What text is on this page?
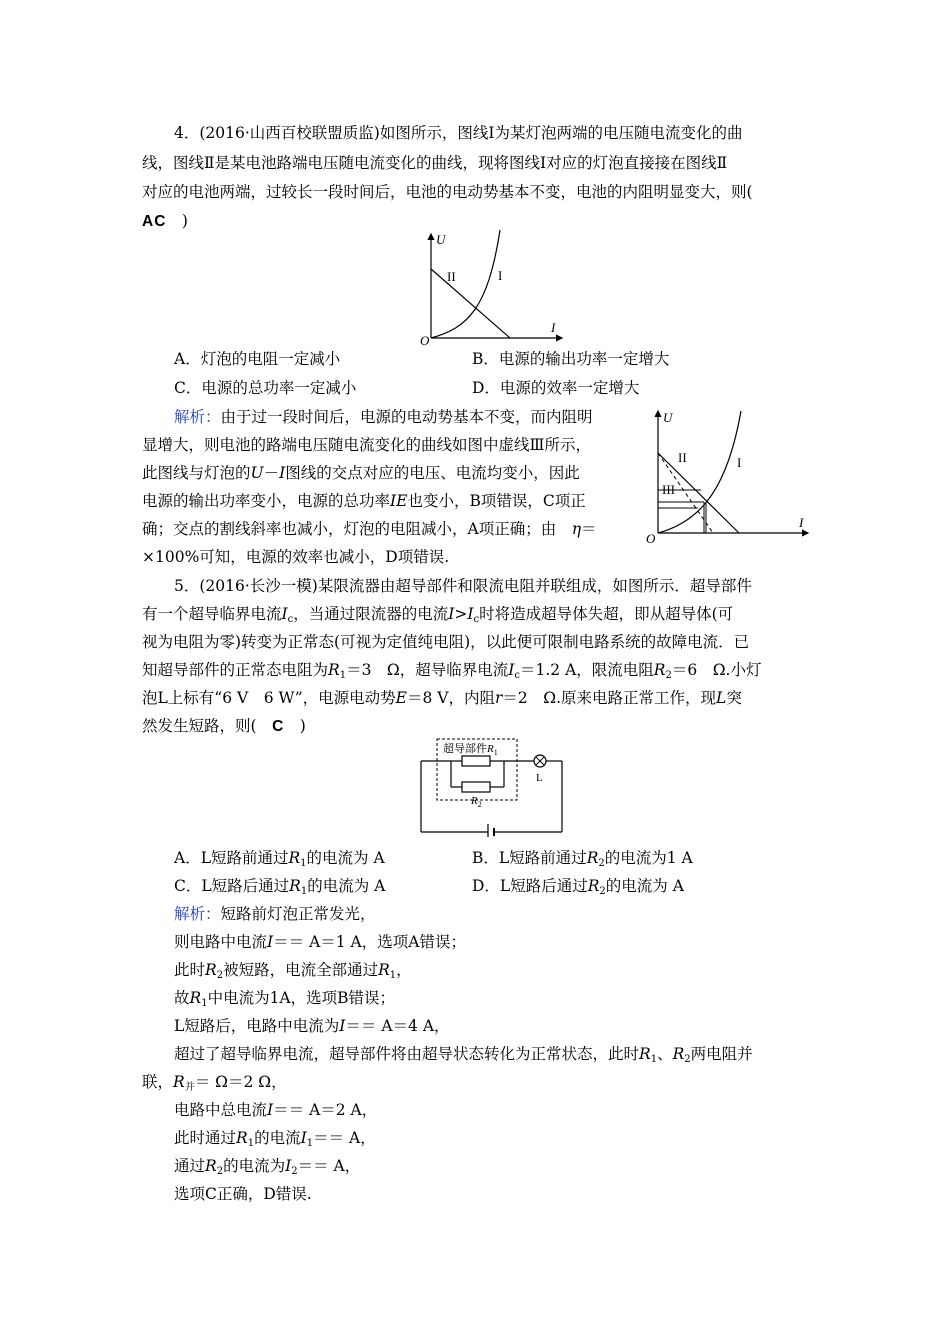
4．(2016·山西百校联盟质监)如图所示，图线Ⅰ为某灯泡两端的电压随电流变化的曲
线，图线Ⅱ是某电池路端电压随电流变化的曲线，现将图线Ⅰ对应的灯泡直接接在图线Ⅱ
对应的电池两端，过较长一段时间后，电池的电动势基本不变，电池的内阻明显变大，则(
AC　 )
U
I
O
I
II
A．灯泡的电阻一定减小	B．电源的输出功率一定增大
C．电源的总功率一定减小	D．电源的效率一定增大
解析：由于过一段时间后，电源的电动势基本不变，而内阻明
显增大，则电池的路端电压随电流变化的曲线如图中虚线Ⅲ所示，
此图线与灯泡的U－I图线的交点对应的电压、电流均变小，因此
电源的输出功率变小，电源的总功率IE也变小，B项错误，C项正
确；交点的割线斜率也减小，灯泡的电阻减小，A项正确；由　 η＝
×100%可知，电源的效率也减小，D项错误.
U
I
O
I
II
III
5．(2016·长沙一模)某限流器由超导部件和限流电阻并联组成，如图所示．超导部件
有一个超导临界电流$I_c$，当通过限流器的电流$I>I_c$时将造成超导体失超，即从超导体(可
视为电阻为零)转变为正常态(可视为定值纯电阻)，以此便可限制电路系统的故障电流．已
知超导部件的正常态电阻为$R_1=3$　Ω，超导临界电流$I_c=1.2$ A，限流电阻$R_2=6$　Ω.小灯
泡L上标有“6 V　6 W”，电源电动势E＝8 V，内阻r＝2　Ω.原来电路正常工作，现L突
然发生短路，则(　 C　 )
超导部件$R_1$
$R_2$
L
A．L短路前通过$R_1$的电流为 A	B．L短路前通过$R_2$的电流为1 A
C．L短路后通过$R_1$的电流为 A	D．L短路后通过$R_2$的电流为 A
解析：短路前灯泡正常发光，
则电路中电流I＝＝ A＝1 A，选项A错误；
此时$R_2$被短路，电流全部通过$R_1$，
故$R_1$中电流为1A，选项B错误；
L短路后，电路中电流为I＝＝ A＝4 A，
超过了超导临界电流，超导部件将由超导状态转化为正常状态，此时$R_1$、$R_2$两电阻并
联，$R_并= \Omega=2$ Ω，
电路中总电流I＝＝ A＝2 A，
此时通过$R_1$的电流$I_1== A$，
通过$R_2$的电流为$I_2== A$，
选项C正确，D错误.
